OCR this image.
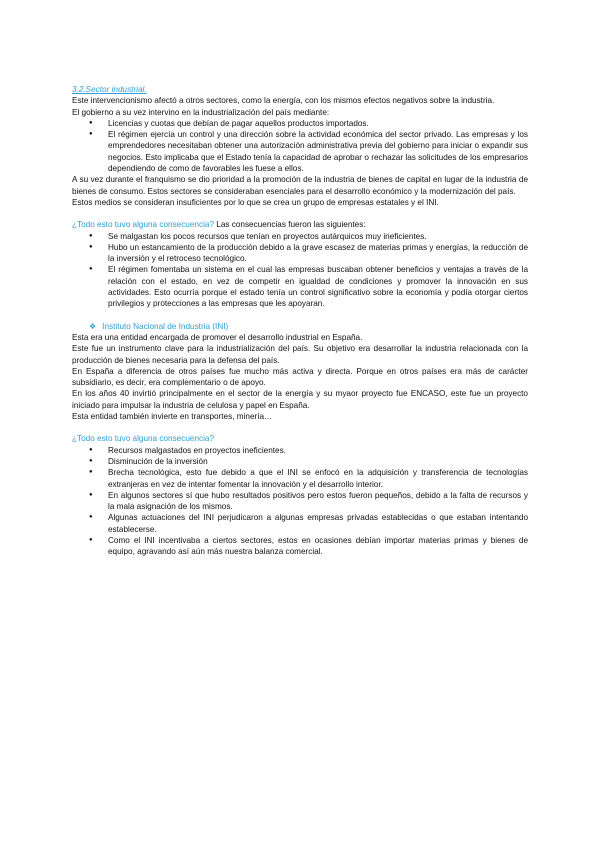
3.2.Sector industrial.

Este intervencionismo afectó a otros sectores, como la energía, con los mismos efectos negativos sobre la industria.

El gobierno a su vez intervino en la industrialización del país mediante:

● Licencias y cuotas que debían de pagar aquellos productos importados.
● El régimen ejercía un control y una dirección sobre la actividad económica del sector privado. Las empresas y los emprendedores necesitaban obtener una autorización administrativa previa del gobierno para iniciar o expandir sus negocios. Esto implicaba que el Estado tenía la capacidad de aprobar o rechazar las solicitudes de los empresarios dependiendo de como de favorables les fuese a ellos.

A su vez durante el franquismo se dio prioridad a la promoción de la industria de bienes de capital en lugar de la industria de bienes de consumo. Estos sectores se consideraban esenciales para el desarrollo económico y la modernización del país.

Estos medios se consideran insuficientes por lo que se crea un grupo de empresas estatales y el INI.

¿Todo esto tuvo alguna consecuencia? Las consecuencias fueron las siguientes:

● Se malgastan los pocos recursos que tenían en proyectos autárquicos muy ineficientes.
● Hubo un estancamiento de la producción debido a la grave escasez de materias primas y energías, la reducción de la inversión y el retroceso tecnológico.
● El régimen fomentaba un sistema en el cual las empresas buscaban obtener beneficios y ventajas a través de la relación con el estado, en vez de competir en igualdad de condiciones y promover la innovación en sus actividades. Esto ocurría porque el estado tenía un control significativo sobre la economía y podía otorgar ciertos privilegios y protecciones a las empresas que les apoyaran.

❖ Instituto Nacional de Industria (INI)

Esta era una entidad encargada de promover el desarrollo industrial en España.

Este fue un instrumento clave para la industrialización del país. Su objetivo era desarrollar la industria relacionada con la producción de bienes necesaria para la defensa del país.

En España a diferencia de otros países fue mucho más activa y directa. Porque en otros países era más de carácter subsidiario, es decir, era complementario o de apoyo.

En los años 40 invirtió principalmente en el sector de la energía y su myaor proyecto fue ENCASO, este fue un proyecto iniciado para impulsar la industria de celulosa y papel en España.

Esta entidad también invierte en transportes, minería…

¿Todo esto tuvo alguna consecuencia?

● Recursos malgastados en proyectos ineficientes.
● Disminución de la inversión
● Brecha tecnológica, esto fue debido a que el INI se enfocó en la adquisición y transferencia de tecnologías extranjeras en vez de intentar fomentar la innovación y el desarrollo interior.
● En algunos sectores sí que hubo resultados positivos pero estos fueron pequeños, debido a la falta de recursos y la mala asignación de los mismos.
● Algunas actuaciones del INI perjudicaron a algunas empresas privadas establecidas o que estaban intentando establecerse.
● Como el INI incentivaba a ciertos sectores, estos en ocasiones debían importar materias primas y bienes de equipo, agravando así aún más nuestra balanza comercial.
